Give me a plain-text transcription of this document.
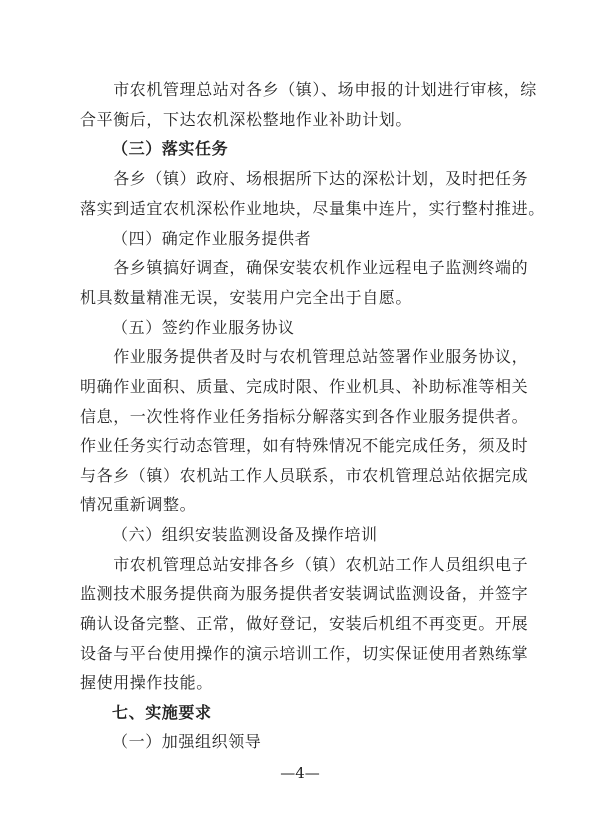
　　市农机管理总站对各乡（镇）、场申报的计划进行审核，综
合平衡后，下达农机深松整地作业补助计划。
（三）落实任务
　　各乡（镇）政府、场根据所下达的深松计划，及时把任务
落实到适宜农机深松作业地块，尽量集中连片，实行整村推进。
（四）确定作业服务提供者
　　各乡镇搞好调查，确保安装农机作业远程电子监测终端的
机具数量精准无误，安装用户完全出于自愿。
（五）签约作业服务协议
　　作业服务提供者及时与农机管理总站签署作业服务协议，
明确作业面积、质量、完成时限、作业机具、补助标准等相关
信息，一次性将作业任务指标分解落实到各作业服务提供者。
作业任务实行动态管理，如有特殊情况不能完成任务，须及时
与各乡（镇）农机站工作人员联系，市农机管理总站依据完成
情况重新调整。
（六）组织安装监测设备及操作培训
　　市农机管理总站安排各乡（镇）农机站工作人员组织电子
监测技术服务提供商为服务提供者安装调试监测设备，并签字
确认设备完整、正常，做好登记，安装后机组不再变更。开展
设备与平台使用操作的演示培训工作，切实保证使用者熟练掌
握使用操作技能。
七、实施要求
（一）加强组织领导
—4—
